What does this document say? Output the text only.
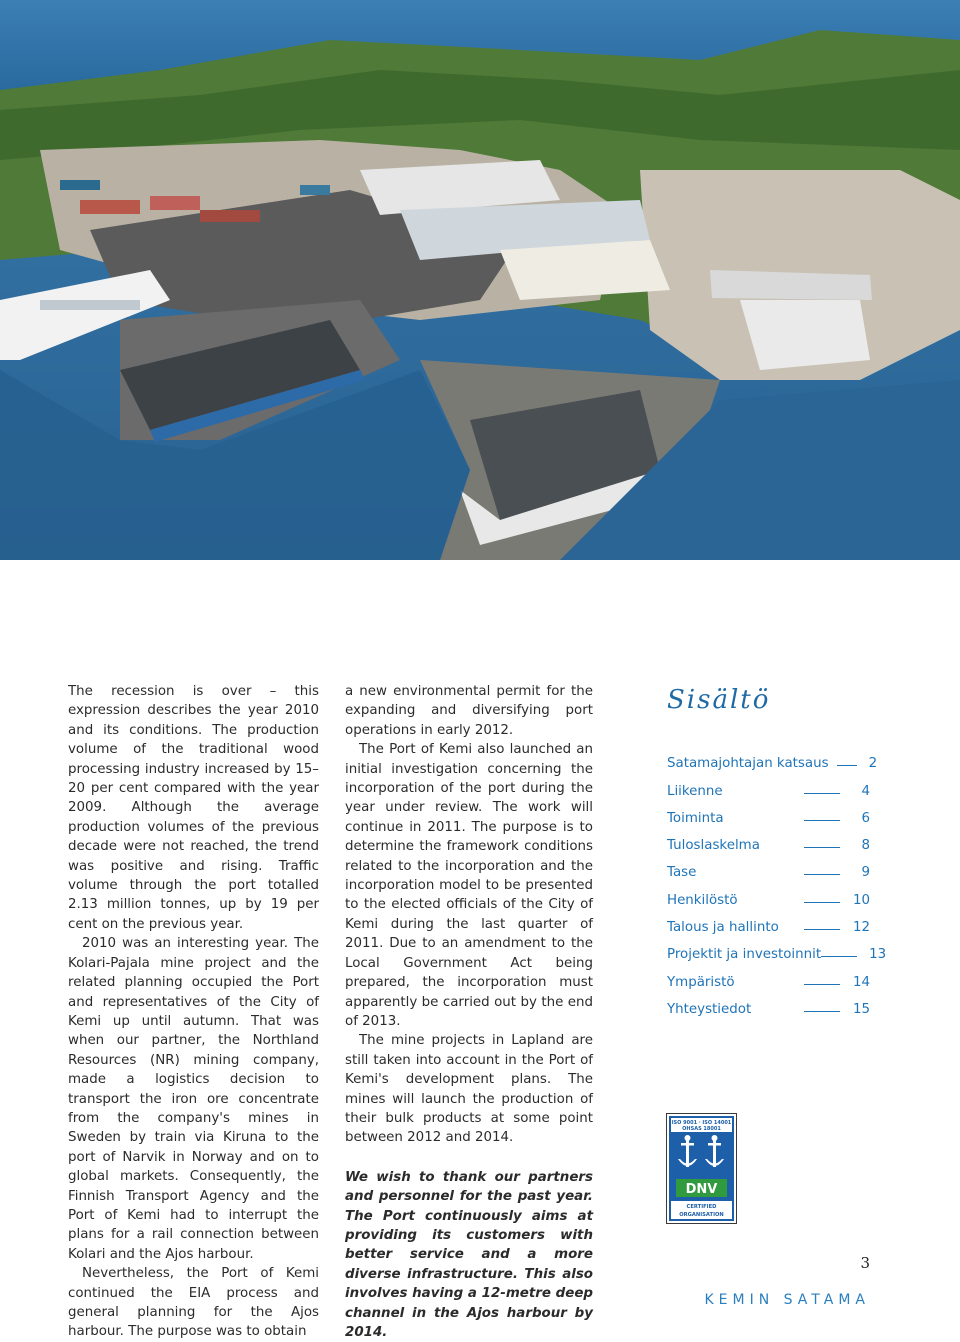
The recession is over – this expression describes the year 2010 and its conditions. The production volume of the traditional wood processing industry increased by 15–20 per cent compared with the year 2009. Although the average production volumes of the previous decade were not reached, the trend was positive and rising. Traffic volume through the port totalled 2.13 million tonnes, up by 19 per cent on the previous year.

2010 was an interesting year. The Kolari-Pajala mine project and the related planning occupied the Port and representatives of the City of Kemi up until autumn. That was when our partner, the Northland Resources (NR) mining company, made a logistics decision to transport the iron ore concentrate from the company's mines in Sweden by train via Kiruna to the port of Narvik in Norway and on to global markets. Consequently, the Finnish Transport Agency and the Port of Kemi had to interrupt the plans for a rail connection between Kolari and the Ajos harbour.

Nevertheless, the Port of Kemi continued the EIA process and general planning for the Ajos harbour. The purpose was to obtain

a new environmental permit for the expanding and diversifying port operations in early 2012.

The Port of Kemi also launched an initial investigation concerning the incorporation of the port during the year under review. The work will continue in 2011. The purpose is to determine the framework conditions related to the incorporation and the incorporation model to be presented to the elected officials of the City of Kemi during the last quarter of 2011. Due to an amendment to the Local Government Act being prepared, the incorporation must apparently be carried out by the end of 2013.

The mine projects in Lapland are still taken into account in the Port of Kemi's development plans. The mines will launch the production of their bulk products at some point between 2012 and 2014.

We wish to thank our partners and personnel for the past year. The Port continuously aims at providing its customers with better service and a more diverse infrastructure. This also involves having a 12-metre deep channel in the Ajos harbour by 2014.

Sisältö
Satamajohtajan katsaus	2
Liikenne	4
Toiminta	6
Tuloslaskelma	8
Tase	9
Henkilöstö	10
Talous ja hallinto	12
Projektit ja investoinnit	13
Ympäristö	14
Yhteystiedot	15
ISO 9001 · ISO 14001
OHSAS 18001
DNV
CERTIFIED
ORGANISATION
3
KEMIN SATAMA
